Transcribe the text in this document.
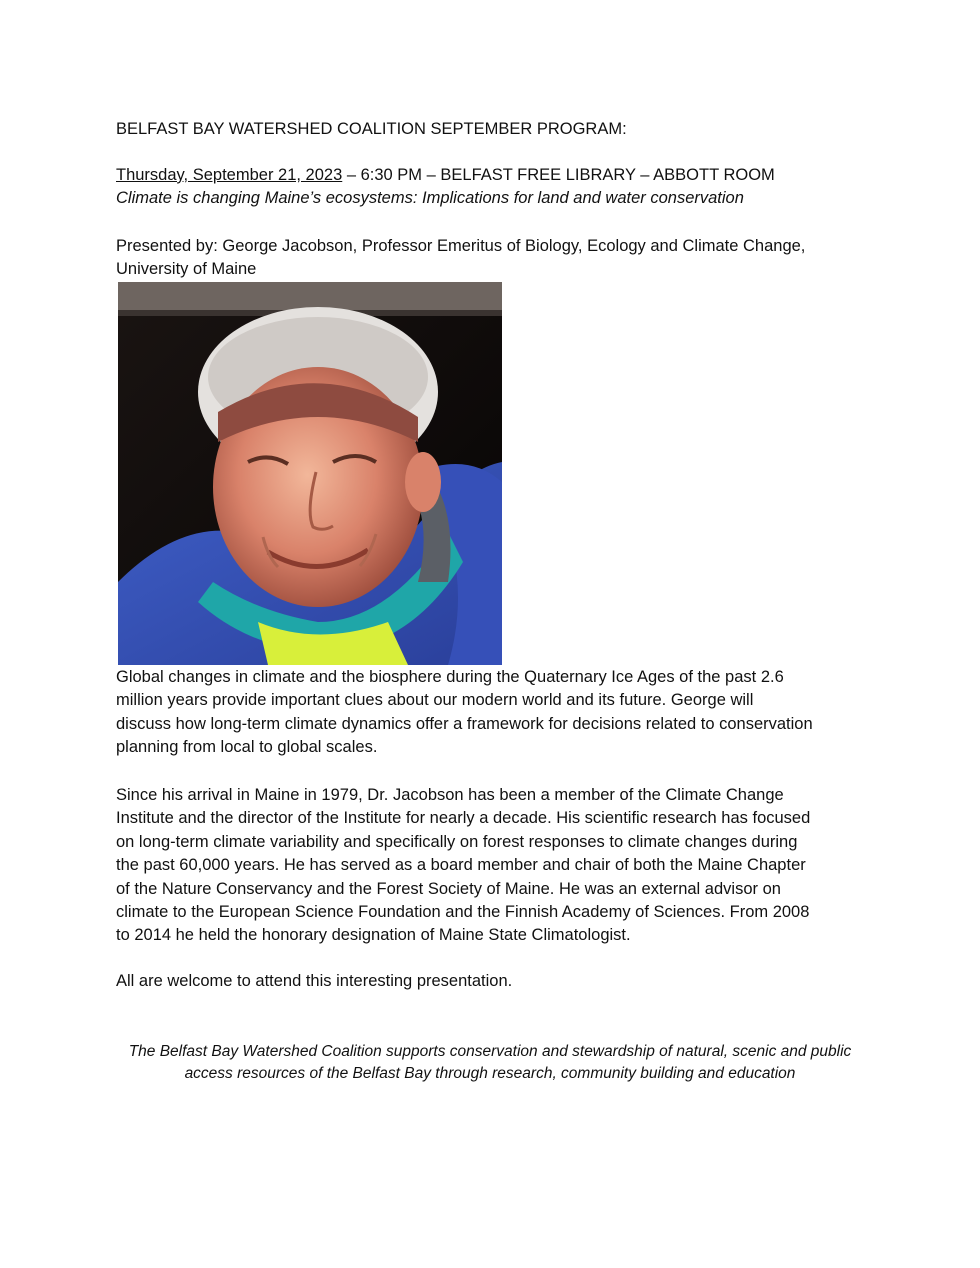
BELFAST BAY WATERSHED COALITION SEPTEMBER PROGRAM:

Thursday, September 21, 2023 – 6:30 PM – BELFAST FREE LIBRARY – ABBOTT ROOM

Climate is changing Maine’s ecosystems: Implications for land and water conservation

Presented by: George Jacobson, Professor Emeritus of Biology, Ecology and Climate Change,

University of Maine

Global changes in climate and the biosphere during the Quaternary Ice Ages of the past 2.6

million years provide important clues about our modern world and its future. George will

discuss how long-term climate dynamics offer a framework for decisions related to conservation

planning from local to global scales.

Since his arrival in Maine in 1979, Dr. Jacobson has been a member of the Climate Change

Institute and the director of the Institute for nearly a decade. His scientific research has focused

on long-term climate variability and specifically on forest responses to climate changes during

the past 60,000 years. He has served as a board member and chair of both the Maine Chapter

of the Nature Conservancy and the Forest Society of Maine. He was an external advisor on

climate to the European Science Foundation and the Finnish Academy of Sciences. From 2008

to 2014 he held the honorary designation of Maine State Climatologist.

All are welcome to attend this interesting presentation.

The Belfast Bay Watershed Coalition supports conservation and stewardship of natural, scenic and public

access resources of the Belfast Bay through research, community building and education
